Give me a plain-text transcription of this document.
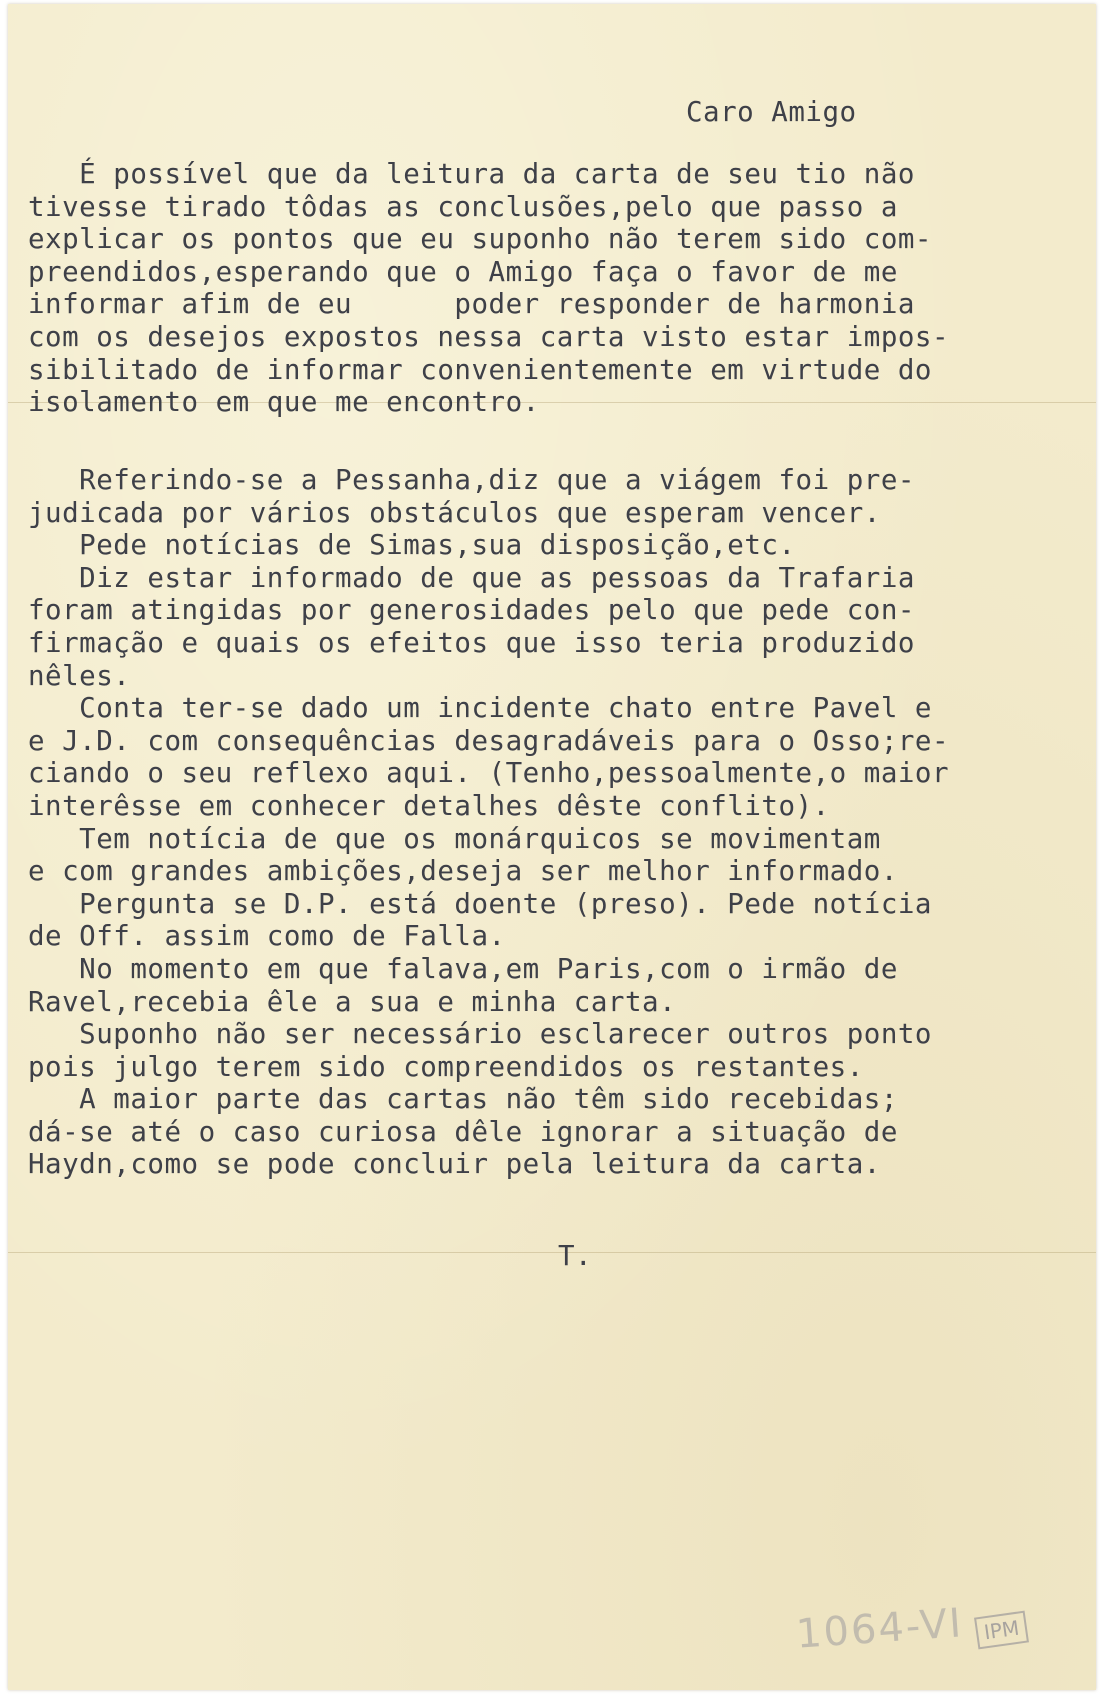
Caro Amigo

É possível que da leitura da carta de seu tio não
tivesse tirado tôdas as conclusões,pelo que passo a
explicar os pontos que eu suponho não terem sido com-
preendidos,esperando que o Amigo faça o favor de me
informar afim de eu      poder responder de harmonia
com os desejos expostos nessa carta visto estar impos-
sibilitado de informar convenientemente em virtude do
isolamento em que me encontro.

Referindo-se a Pessanha,diz que a viágem foi pre-
judicada por vários obstáculos que esperam vencer.
Pede notícias de Simas,sua disposição,etc.
Diz estar informado de que as pessoas da Trafaria
foram atingidas por generosidades pelo que pede con-
firmação e quais os efeitos que isso teria produzido
nêles.
Conta ter-se dado um incidente chato entre Pavel e
e J.D. com consequências desagradáveis para o Osso;re-
ciando o seu reflexo aqui. (Tenho,pessoalmente,o maior
interêsse em conhecer detalhes dêste conflito).
Tem notícia de que os monárquicos se movimentam
e com grandes ambições,deseja ser melhor informado.
Pergunta se D.P. está doente (preso). Pede notícia
de Off. assim como de Falla.
No momento em que falava,em Paris,com o irmão de
Ravel,recebia êle a sua e minha carta.
Suponho não ser necessário esclarecer outros ponto
pois julgo terem sido compreendidos os restantes.
A maior parte das cartas não têm sido recebidas;
dá-se até o caso curiosa dêle ignorar a situação de
Haydn,como se pode concluir pela leitura da carta.

T.

1064-VI IPM
